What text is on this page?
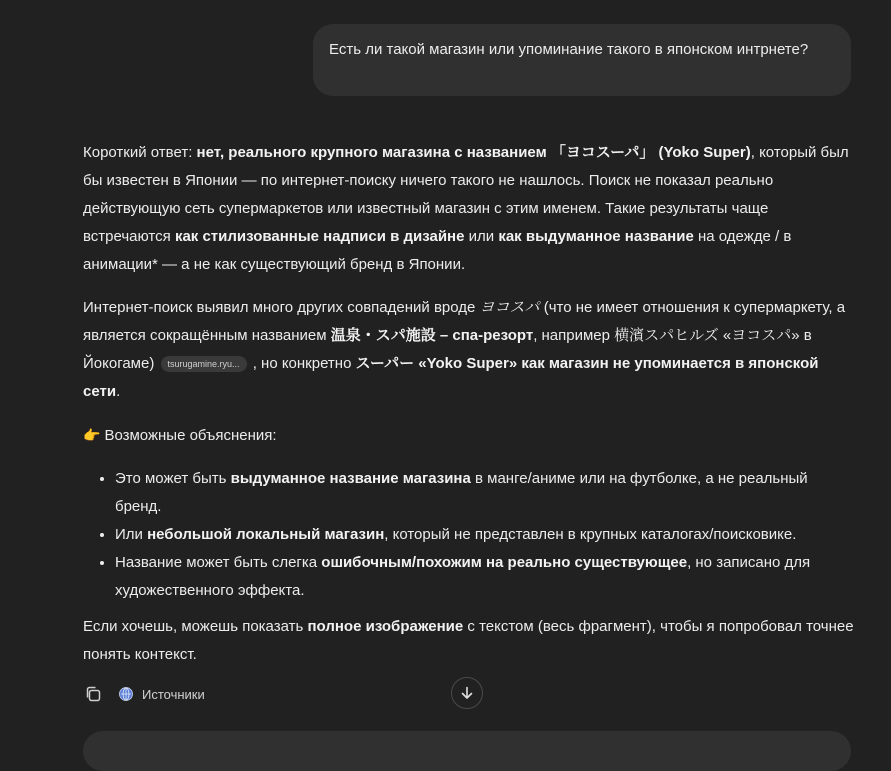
Есть ли такой магазин или упоминание такого в японском интрнете?

Короткий ответ: нет, реального крупного магазина с названием 「ヨコスーパ」 (Yoko Super), который был бы известен в Японии — по интернет-поиску ничего такого не нашлось. Поиск не показал реально действующую сеть супермаркетов или известный магазин с этим именем. Такие результаты чаще встречаются как стилизованные надписи в дизайне или как выдуманное название на одежде / в анимации* — а не как существующий бренд в Японии.

Интернет-поиск выявил много других совпадений вроде ヨコスパ (что не имеет отношения к супермаркету, а является сокращённым названием 温泉・スパ施設 – спа-резорт, например 横濱スパヒルズ «ヨコスパ» в Йокогаме) tsurugamine.ryu... , но конкретно スーパー «Yoko Super» как магазин не упоминается в японской сети.

👉 Возможные объяснения:

• Это может быть выдуманное название магазина в манге/аниме или на футболке, а не реальный бренд.
• Или небольшой локальный магазин, который не представлен в крупных каталогах/поисковике.
• Название может быть слегка ошибочным/похожим на реально существующее, но записано для художественного эффекта.

Если хочешь, можешь показать полное изображение с текстом (весь фрагмент), чтобы я попробовал точнее понять контекст.

Источники
